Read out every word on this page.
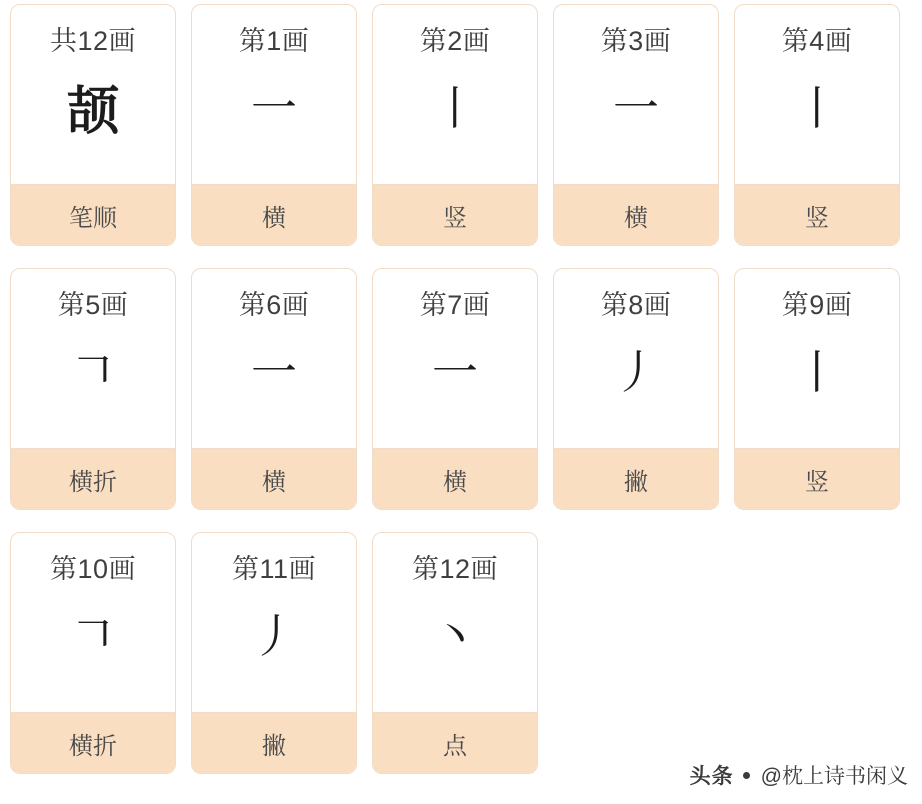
共12画
颉
笔顺
第1画
一
横
第2画
丨
竖
第3画
一
横
第4画
丨
竖
第5画
𠃍
横折
第6画
一
横
第7画
一
横
第8画
丿
撇
第9画
丨
竖
第10画
𠃍
横折
第11画
丿
撇
第12画
丶
点
头条 @枕上诗书闲义
